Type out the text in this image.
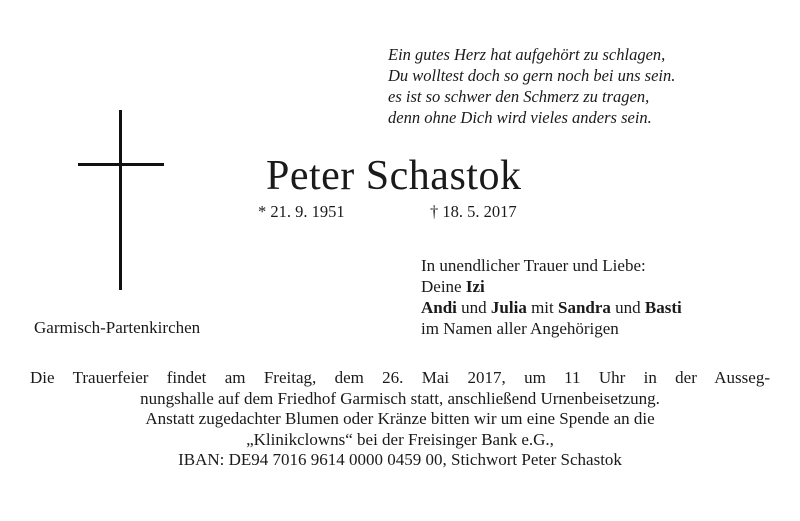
Ein gutes Herz hat aufgehört zu schlagen,
Du wolltest doch so gern noch bei uns sein.
es ist so schwer den Schmerz zu tragen,
denn ohne Dich wird vieles anders sein.
Peter Schastok
* 21. 9. 1951	† 18. 5. 2017
In unendlicher Trauer und Liebe:
Deine Izi
Andi und Julia mit Sandra und Basti
im Namen aller Angehörigen
Garmisch-Partenkirchen
Die Trauerfeier findet am Freitag, dem 26. Mai 2017, um 11 Uhr in der Ausseg-
nungshalle auf dem Friedhof Garmisch statt, anschließend Urnenbeisetzung.
Anstatt zugedachter Blumen oder Kränze bitten wir um eine Spende an die
„Klinikclowns“ bei der Freisinger Bank e.G.,
IBAN: DE94 7016 9614 0000 0459 00, Stichwort Peter Schastok
